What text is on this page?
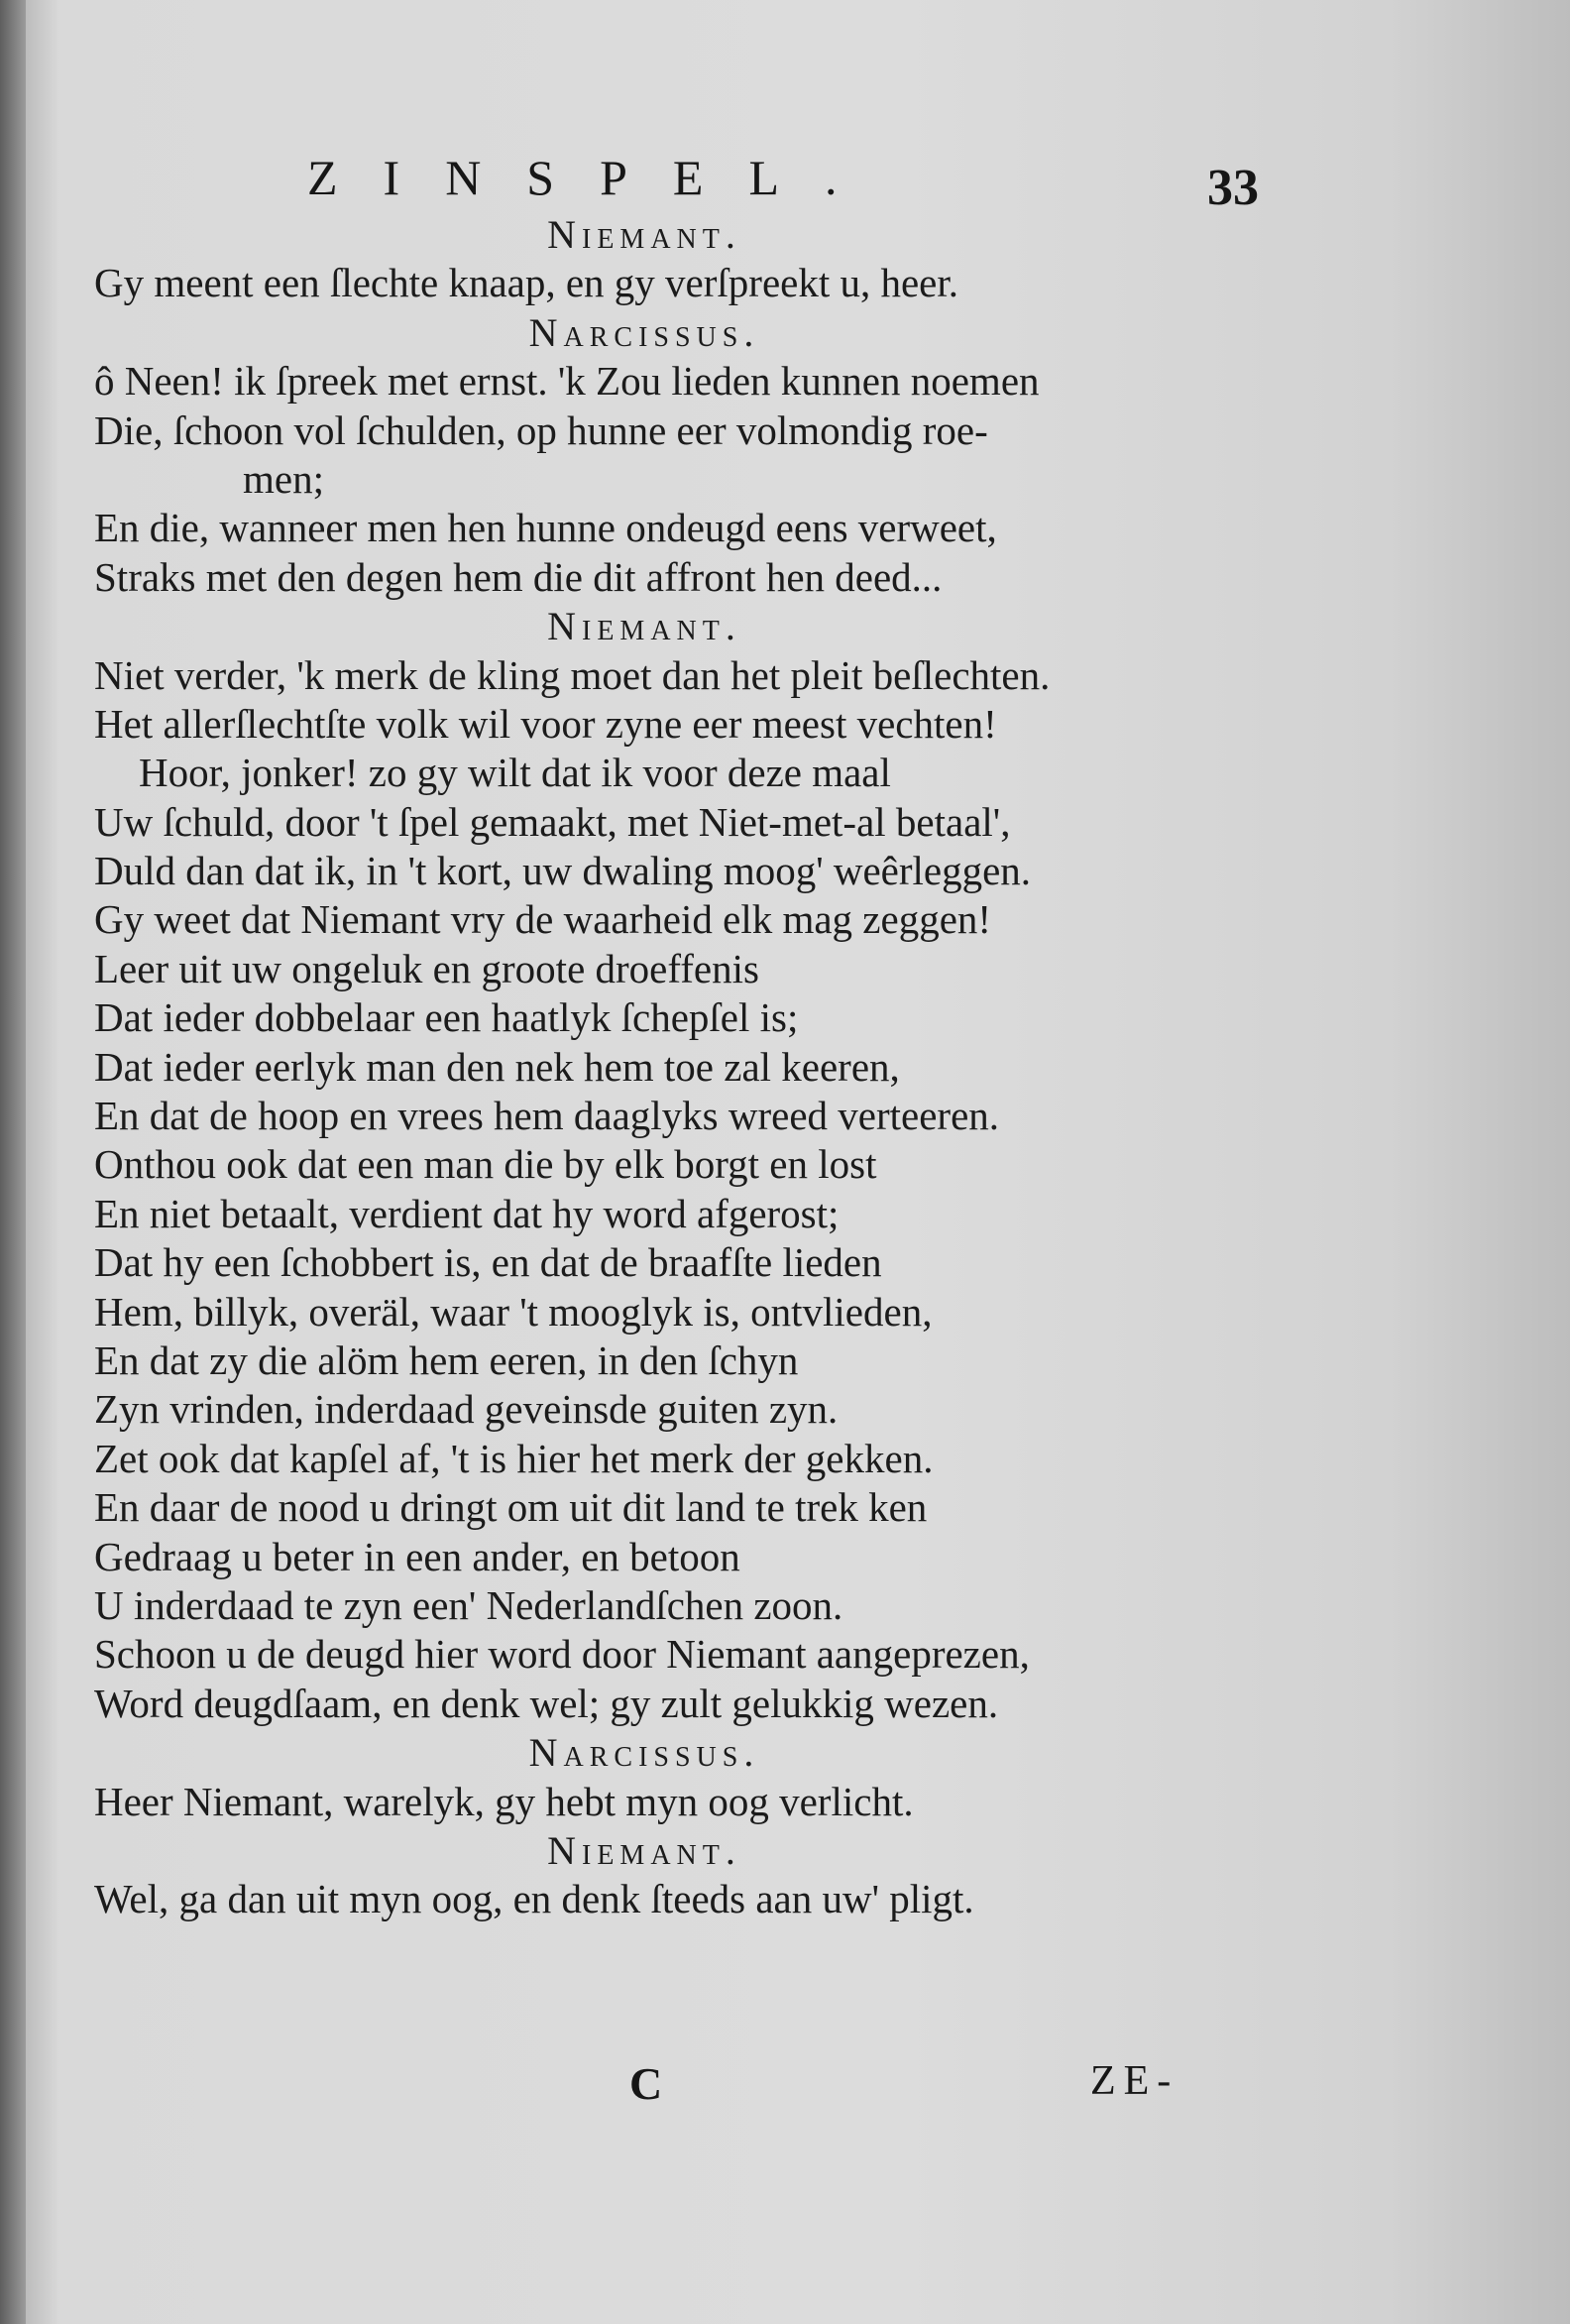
ZINSPEL.	33
Niemant.
Gy meent een ſlechte knaap, en gy verſpreekt u, heer.
Narcissus.
ô Neen! ik ſpreek met ernst. 'k Zou lieden kunnen noemen
Die, ſchoon vol ſchulden, op hunne eer volmondig roe-
men;
En die, wanneer men hen hunne ondeugd eens verweet,
Straks met den degen hem die dit affront hen deed...
Niemant.
Niet verder, 'k merk de kling moet dan het pleit beſlechten.
Het allerſlechtſte volk wil voor zyne eer meest vechten!
Hoor, jonker! zo gy wilt dat ik voor deze maal
Uw ſchuld, door 't ſpel gemaakt, met Niet-met-al betaal',
Duld dan dat ik, in 't kort, uw dwaling moog' weêrleggen.
Gy weet dat Niemant vry de waarheid elk mag zeggen!
Leer uit uw ongeluk en groote droeffenis
Dat ieder dobbelaar een haatlyk ſchepſel is;
Dat ieder eerlyk man den nek hem toe zal keeren,
En dat de hoop en vrees hem daaglyks wreed verteeren.
Onthou ook dat een man die by elk borgt en lost
En niet betaalt, verdient dat hy word afgerost;
Dat hy een ſchobbert is, en dat de braafſte lieden
Hem, billyk, overäl, waar 't mooglyk is, ontvlieden,
En dat zy die alöm hem eeren, in den ſchyn
Zyn vrinden, inderdaad geveinsde guiten zyn.
Zet ook dat kapſel af, 't is hier het merk der gekken.
En daar de nood u dringt om uit dit land te trek ken
Gedraag u beter in een ander, en betoon
U inderdaad te zyn een' Nederlandſchen zoon.
Schoon u de deugd hier word door Niemant aangeprezen,
Word deugdſaam, en denk wel; gy zult gelukkig wezen.
Narcissus.
Heer Niemant, warelyk, gy hebt myn oog verlicht.
Niemant.
Wel, ga dan uit myn oog, en denk ſteeds aan uw' pligt.
C	ZE-
